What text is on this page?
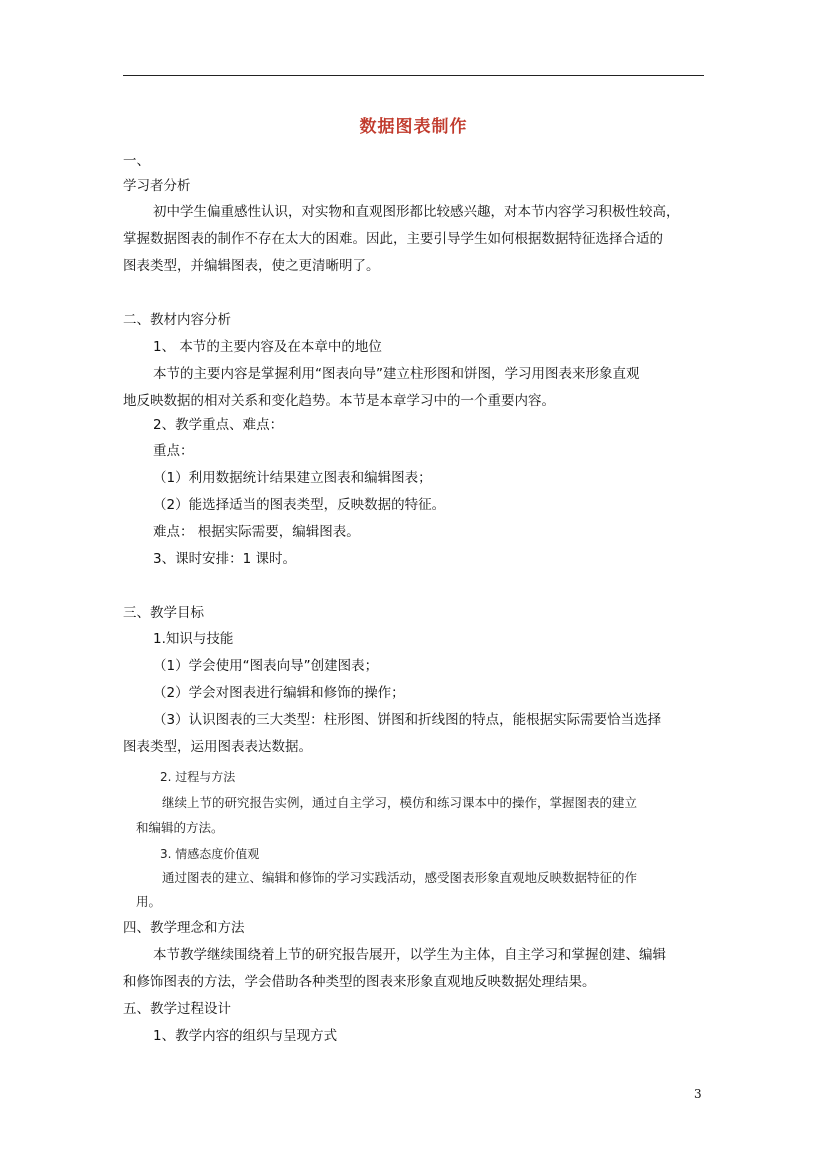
数据图表制作
一、
学习者分析
初中学生偏重感性认识，对实物和直观图形都比较感兴趣，对本节内容学习积极性较高，
掌握数据图表的制作不存在太大的困难。因此，主要引导学生如何根据数据特征选择合适的
图表类型，并编辑图表，使之更清晰明了。
二、教材内容分析
1、 本节的主要内容及在本章中的地位
本节的主要内容是掌握利用“图表向导”建立柱形图和饼图，学习用图表来形象直观
地反映数据的相对关系和变化趋势。本节是本章学习中的一个重要内容。
2、教学重点、难点：
重点：
（1）利用数据统计结果建立图表和编辑图表；
（2）能选择适当的图表类型，反映数据的特征。
难点： 根据实际需要，编辑图表。
3、课时安排：1 课时。
三、教学目标
1.知识与技能
（1）学会使用“图表向导”创建图表；
（2）学会对图表进行编辑和修饰的操作；
（3）认识图表的三大类型：柱形图、饼图和折线图的特点，能根据实际需要恰当选择
图表类型，运用图表表达数据。
2. 过程与方法
继续上节的研究报告实例，通过自主学习，模仿和练习课本中的操作，掌握图表的建立
和编辑的方法。
3. 情感态度价值观
通过图表的建立、编辑和修饰的学习实践活动，感受图表形象直观地反映数据特征的作
用。
四、教学理念和方法
本节教学继续围绕着上节的研究报告展开，以学生为主体，自主学习和掌握创建、编辑
和修饰图表的方法，学会借助各种类型的图表来形象直观地反映数据处理结果。
五、教学过程设计
1、教学内容的组织与呈现方式
3
